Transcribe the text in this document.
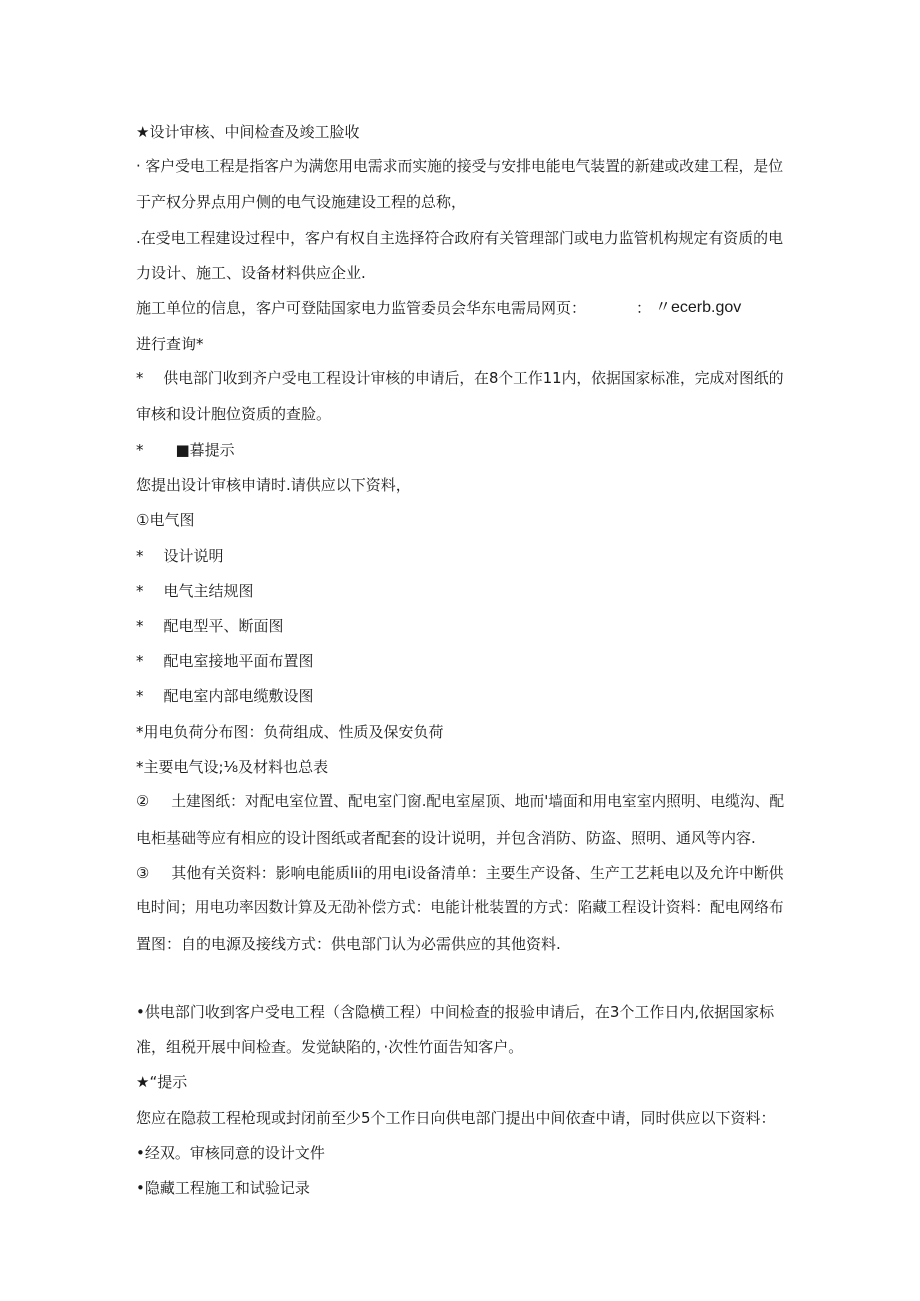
★设计审核、中间检查及竣工脸收
· 客户受电工程是指客户为满您用电需求而实施的接受与安排电能电气装置的新建或改建工程，是位
于产权分界点用户侧的电气设施建设工程的总称，
.在受电工程建设过程中，客户有权自主选择符合政府有关管理部门或电力监管机构规定有资质的电
力设计、施工、设备材料供应企业.
施工单位的信息，客户可登陆国家电力监管委员会华东电需局网页：	： 〃ecerb.gov
进行查询*
* 供电部门收到齐户受电工程设计审核的申请后，在8个工作11内，依据国家标准，完成对图纸的
审核和设计胞位资质的查脸。
* ■暮提示
您提出设计审核申请时.请供应以下资料，
①电气图
* 设计说明
* 电气主结规图
* 配电型平、断面图
* 配电室接地平面布置图
* 配电室内部电缆敷设图
*用电负荷分布图：负荷组成、性质及保安负荷
*主要电气设;⅛及材料也总表
② 土建图纸：对配电室位置、配电室门窗.配电室屋顶、地而'墙面和用电室室内照明、电缆沟、配
电柜基础等应有相应的设计图纸或者配套的设计说明，并包含消防、防盗、照明、通风等内容.
③ 其他有关资料：影响电能质lii的用电i设备清单：主要生产设备、生产工艺耗电以及允许中断供
电时间；用电功率因数计算及无劭补偿方式：电能计枇装置的方式：陷藏工程设计资料：配电网络布
置图：自的电源及接线方式：供电部门认为必需供应的其他资料.
•供电部门收到客户受电工程（含隐横工程）中间检查的报验申请后，在3个工作日内,依据国家标
准，组税开展中间检查。发觉缺陷的，·次性竹面告知客户。
★“提示
您应在隐菽工程枪现或封闭前至少5个工作日向供电部门提出中间依查中请，同时供应以下资料：
•经双。审核同意的设计文件
•隐藏工程施工和试验记录
